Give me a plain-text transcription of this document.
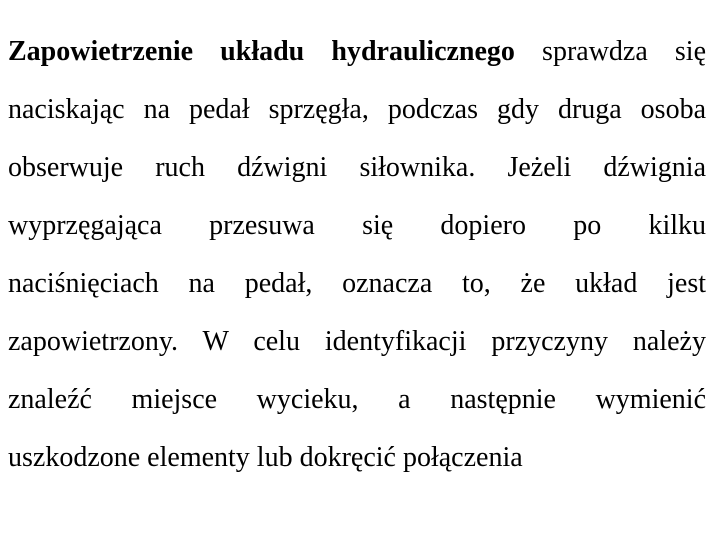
Zapowietrzenie układu hydraulicznego sprawdza się
naciskając na pedał sprzęgła, podczas gdy druga osoba
obserwuje ruch dźwigni siłownika. Jeżeli dźwignia
wyprzęgająca przesuwa się dopiero po kilku
naciśnięciach na pedał, oznacza to, że układ jest
zapowietrzony. W celu identyfikacji przyczyny należy
znaleźć miejsce wycieku, a następnie wymienić
uszkodzone elementy lub dokręcić połączenia
